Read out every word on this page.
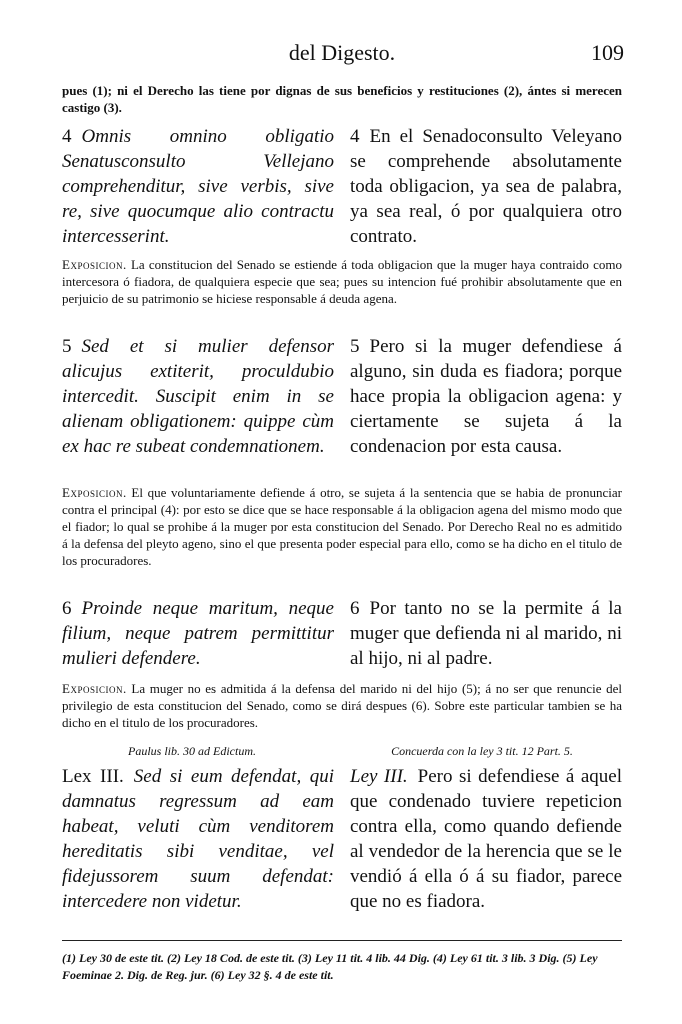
del Digesto.	109
pues (1); ni el Derecho las tiene por dignas de sus beneficios y restituciones (2), ántes si merecen castigo (3).
4 Omnis omnino obligatio Senatusconsulto Vellejano comprehenditur, sive verbis, sive re, sive quocumque alio contractu intercesserint.
4 En el Senadoconsulto Veleyano se comprehende absolutamente toda obligacion, ya sea de palabra, ya sea real, ó por qualquiera otro contrato.
Exposicion. La constitucion del Senado se estiende á toda obligacion que la muger haya contraido como intercesora ó fiadora, de qualquiera especie que sea; pues su intencion fué prohibir absolutamente que en perjuicio de su patrimonio se hiciese responsable á deuda agena.
5 Sed et si mulier defensor alicujus extiterit, proculdubio intercedit. Suscipit enim in se alienam obligationem: quippe cùm ex hac re subeat condemnationem.
5 Pero si la muger defendiese á alguno, sin duda es fiadora; porque hace propia la obligacion agena: y ciertamente se sujeta á la condenacion por esta causa.
Exposicion. El que voluntariamente defiende á otro, se sujeta á la sentencia que se habia de pronunciar contra el principal (4): por esto se dice que se hace responsable á la obligacion agena del mismo modo que el fiador; lo qual se prohibe á la muger por esta constitucion del Senado. Por Derecho Real no es admitido á la defensa del pleyto ageno, sino el que presenta poder especial para ello, como se ha dicho en el titulo de los procuradores.
6 Proinde neque maritum, neque filium, neque patrem permittitur mulieri defendere.
6 Por tanto no se la permite á la muger que defienda ni al marido, ni al hijo, ni al padre.
Exposicion. La muger no es admitida á la defensa del marido ni del hijo (5); á no ser que renuncie del privilegio de esta constitucion del Senado, como se dirá despues (6). Sobre este particular tambien se ha dicho en el titulo de los procuradores.
Paulus lib. 30 ad Edictum.	Concuerda con la ley 3 tit. 12 Part. 5.
Lex III. Sed si eum defendat, qui damnatus regressum ad eam habeat, veluti cùm venditorem hereditatis sibi venditae, vel fidejussorem suum defendat: intercedere non videtur.
Ley III. Pero si defendiese á aquel que condenado tuviere repeticion contra ella, como quando defiende al vendedor de la herencia que se le vendió á ella ó á su fiador, parece que no es fiadora.
(1) Ley 30 de este tit. (2) Ley 18 Cod. de este tit. (3) Ley 11 tit. 4 lib. 44 Dig. (4) Ley 61 tit. 3 lib. 3 Dig. (5) Ley Foeminae 2. Dig. de Reg. jur. (6) Ley 32 §. 4 de este tit.
